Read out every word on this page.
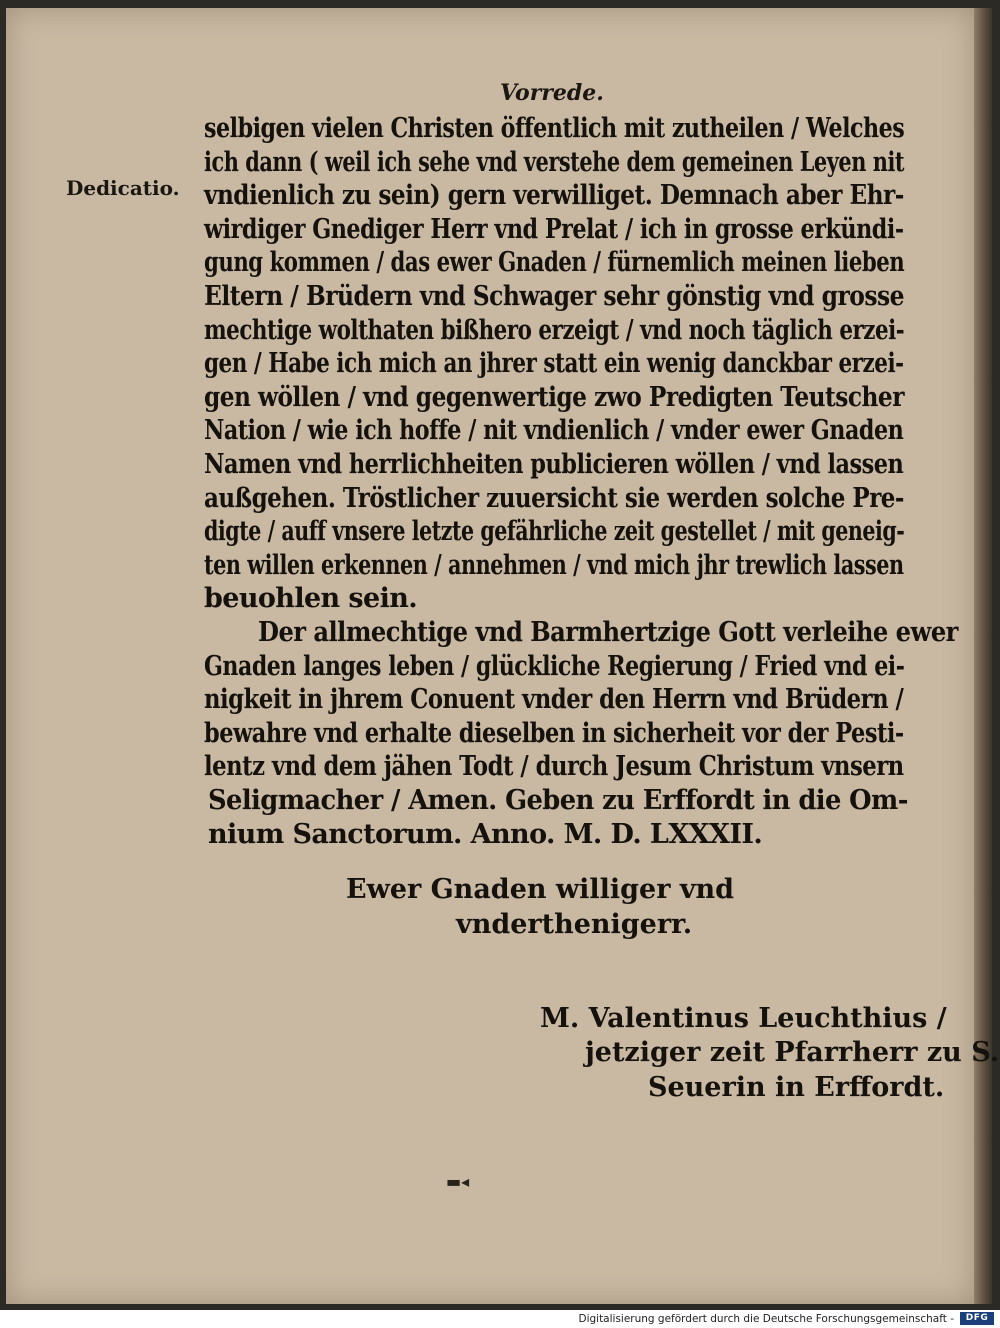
Vorrede.
Dedicatio.
selbigen vielen Christen öffentlich mit zutheilen / Welches
ich dann ( weil ich sehe vnd verstehe dem gemeinen Leyen nit
vndienlich zu sein) gern verwilliget. Demnach aber Ehr-
wirdiger Gnediger Herr vnd Prelat / ich in grosse erkündi-
gung kommen / das ewer Gnaden / fürnemlich meinen lieben
Eltern / Brüdern vnd Schwager sehr gönstig vnd grosse
mechtige wolthaten bißhero erzeigt / vnd noch täglich erzei-
gen / Habe ich mich an jhrer statt ein wenig danckbar erzei-
gen wöllen / vnd gegenwertige zwo Predigten Teutscher
Nation / wie ich hoffe / nit vndienlich / vnder ewer Gnaden
Namen vnd herrlichheiten publicieren wöllen / vnd lassen
außgehen. Tröstlicher zuuersicht sie werden solche Pre-
digte / auff vnsere letzte gefährliche zeit gestellet / mit geneig-
ten willen erkennen / annehmen / vnd mich jhr trewlich lassen
beuohlen sein.
Der allmechtige vnd Barmhertzige Gott verleihe ewer
Gnaden langes leben / glückliche Regierung / Fried vnd ei-
nigkeit in jhrem Conuent vnder den Herrn vnd Brüdern /
bewahre vnd erhalte dieselben in sicherheit vor der Pesti-
lentz vnd dem jähen Todt / durch Jesum Christum vnsern
Seligmacher / Amen. Geben zu Erffordt in die Om-
nium Sanctorum. Anno. M. D. LXXXII.
Ewer Gnaden williger vnd
vnderthenigerr.
M. Valentinus Leuchthius /
jetziger zeit Pfarrherr zu S.
Seuerin in Erffordt.
▬◂
Digitalisierung gefördert durch die Deutsche Forschungsgemeinschaft -	DFG
